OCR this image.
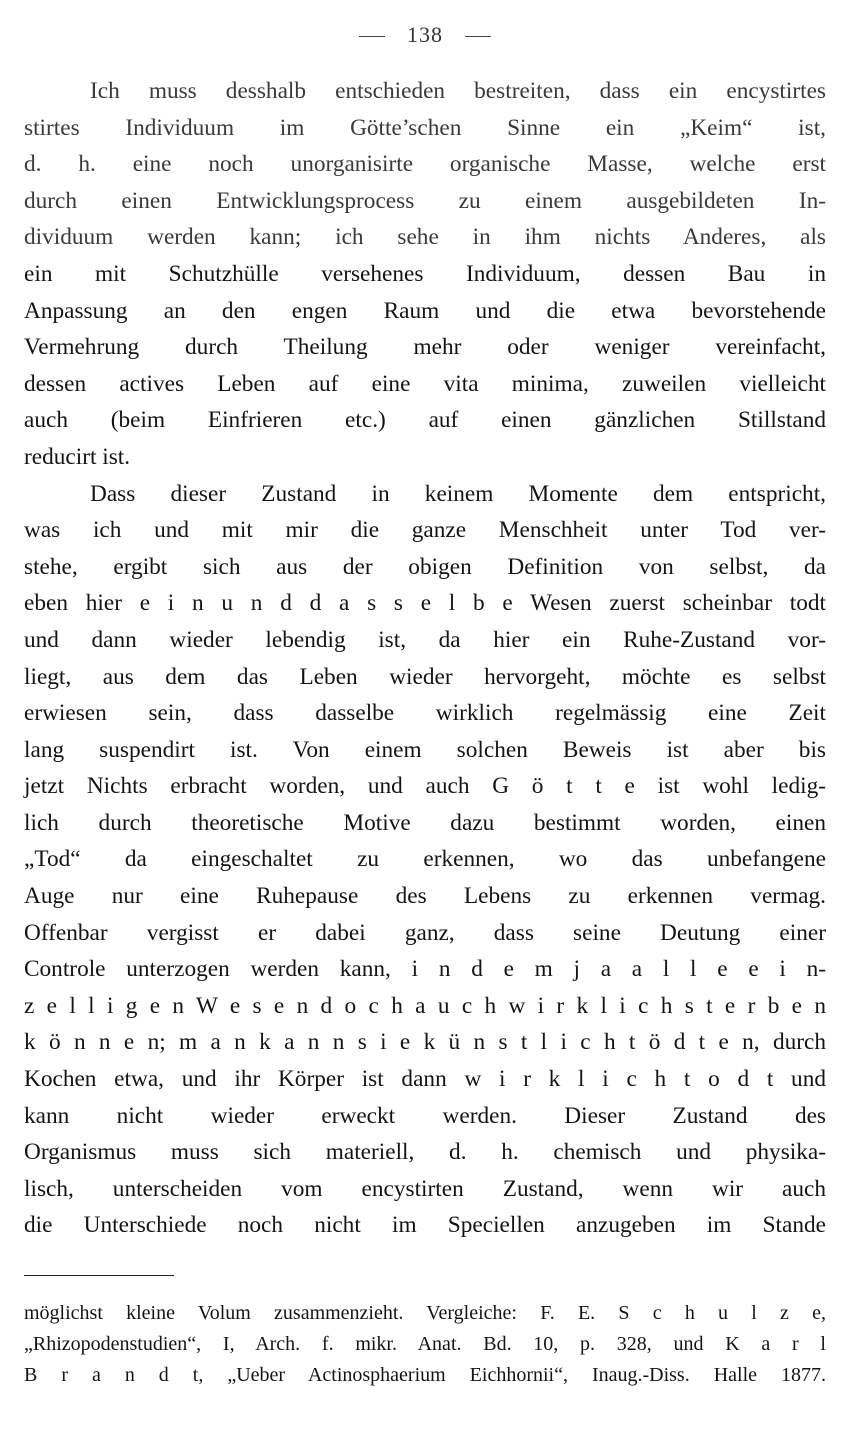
138
Ich muss desshalb entschieden bestreiten, dass ein encystirtes
stirtes Individuum im Götte’schen Sinne ein „Keim“ ist,
d. h. eine noch unorganisirte organische Masse, welche erst
durch einen Entwicklungsprocess zu einem ausgebildeten In-
dividuum werden kann; ich sehe in ihm nichts Anderes, als
ein mit Schutzhülle versehenes Individuum, dessen Bau in
Anpassung an den engen Raum und die etwa bevorstehende
Vermehrung durch Theilung mehr oder weniger vereinfacht,
dessen actives Leben auf eine vita minima, zuweilen vielleicht
auch (beim Einfrieren etc.) auf einen gänzlichen Stillstand
reducirt ist.
Dass dieser Zustand in keinem Momente dem entspricht,
was ich und mit mir die ganze Menschheit unter Tod ver-
stehe, ergibt sich aus der obigen Definition von selbst, da
eben hier e i n u n d d a s s e l b e Wesen zuerst scheinbar todt
und dann wieder lebendig ist, da hier ein Ruhe-Zustand vor-
liegt, aus dem das Leben wieder hervorgeht, möchte es selbst
erwiesen sein, dass dasselbe wirklich regelmässig eine Zeit
lang suspendirt ist. Von einem solchen Beweis ist aber bis
jetzt Nichts erbracht worden, und auch G ö t t e ist wohl ledig-
lich durch theoretische Motive dazu bestimmt worden, einen
„Tod“ da eingeschaltet zu erkennen, wo das unbefangene
Auge nur eine Ruhepause des Lebens zu erkennen vermag.
Offenbar vergisst er dabei ganz, dass seine Deutung einer
Controle unterzogen werden kann, i n d e m j a a l l e e i n-
z e l l i g e n W e s e n d o c h a u c h w i r k l i c h s t e r b e n
k ö n n e n; m a n k a n n s i e k ü n s t l i c h t ö d t e n, durch
Kochen etwa, und ihr Körper ist dann w i r k l i c h t o d t und
kann nicht wieder erweckt werden. Dieser Zustand des
Organismus muss sich materiell, d. h. chemisch und physika-
lisch, unterscheiden vom encystirten Zustand, wenn wir auch
die Unterschiede noch nicht im Speciellen anzugeben im Stande
möglichst kleine Volum zusammenzieht. Vergleiche: F. E. S c h u l z e,
„Rhizopodenstudien“, I, Arch. f. mikr. Anat. Bd. 10, p. 328, und K a r l
B r a n d t, „Ueber Actinosphaerium Eichhornii“, Inaug.-Diss. Halle 1877.
